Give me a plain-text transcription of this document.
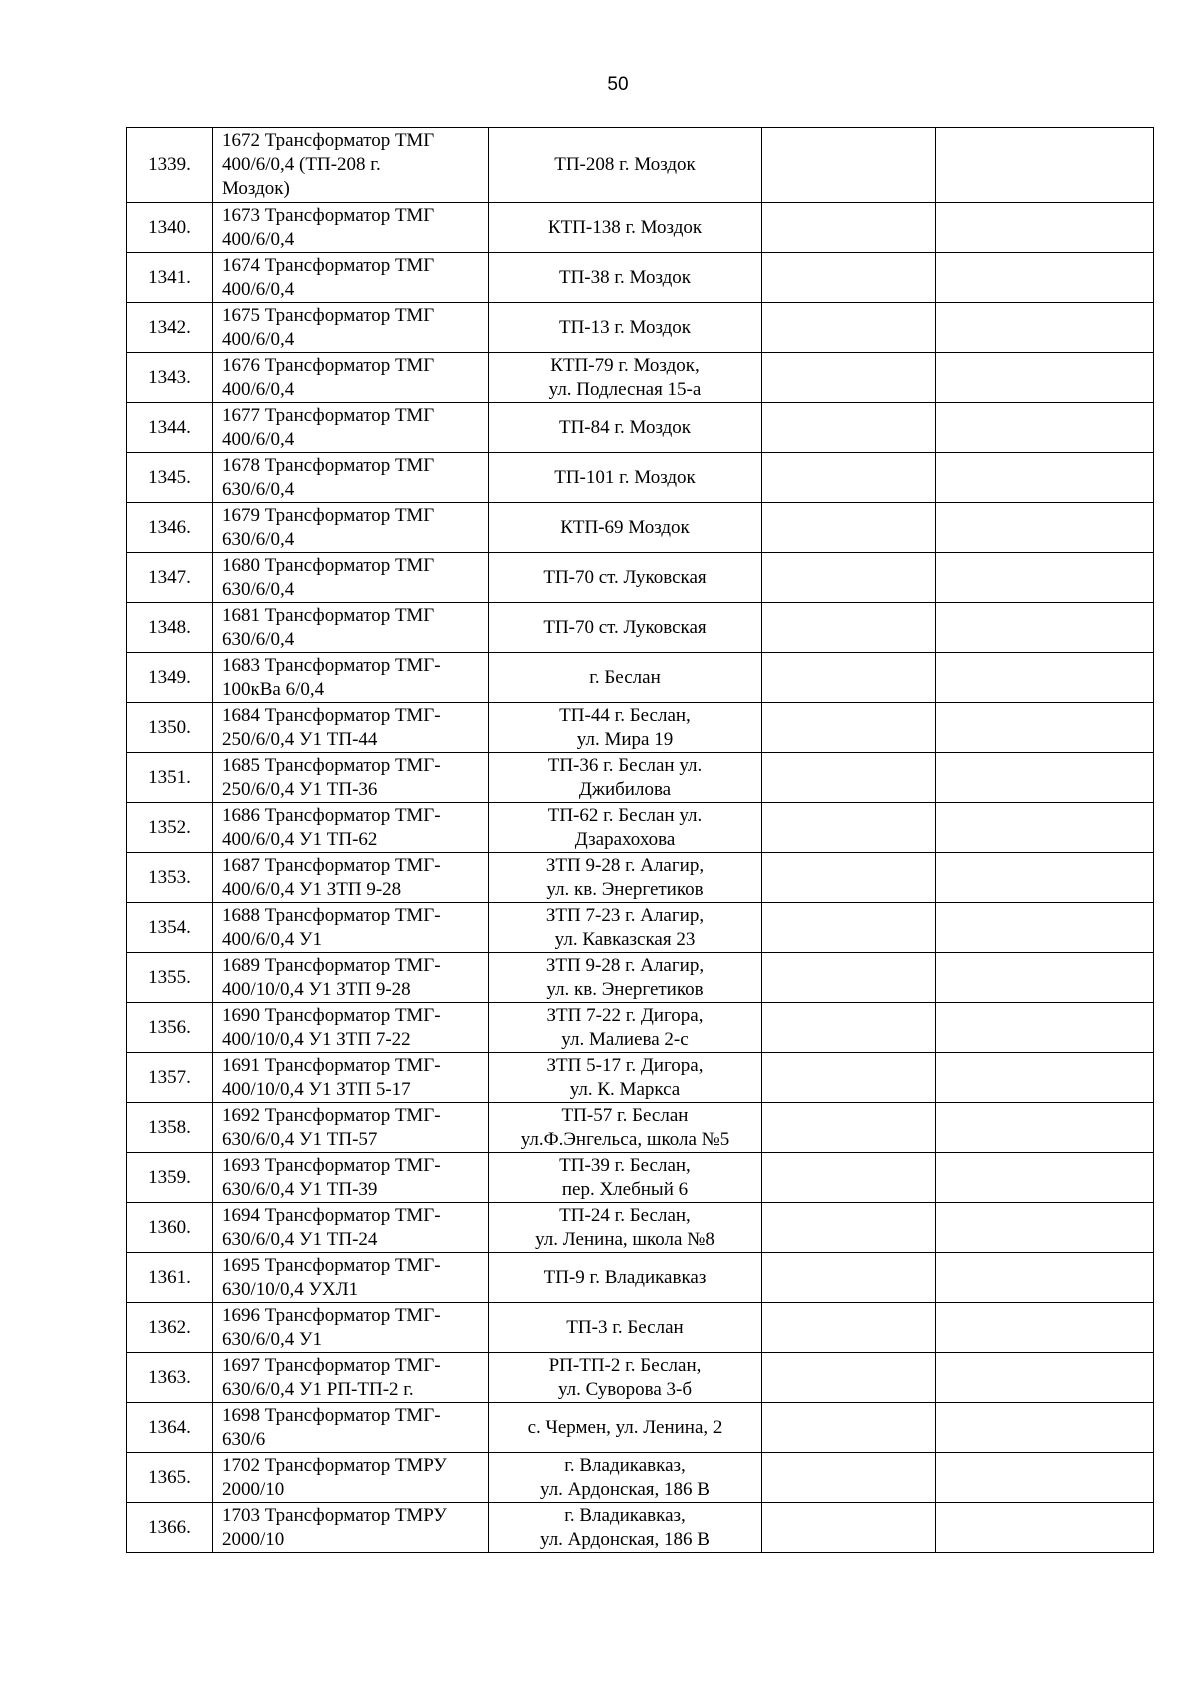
50
1339.	1672 Трансформатор ТМГ
400/6/0,4 (ТП-208 г.
Моздок)	ТП-208 г. Моздок		
1340.	1673 Трансформатор ТМГ
400/6/0,4	КТП-138 г. Моздок		
1341.	1674 Трансформатор ТМГ
400/6/0,4	ТП-38 г. Моздок		
1342.	1675 Трансформатор ТМГ
400/6/0,4	ТП-13 г. Моздок		
1343.	1676 Трансформатор ТМГ
400/6/0,4	КТП-79 г. Моздок,
ул. Подлесная 15-а		
1344.	1677 Трансформатор ТМГ
400/6/0,4	ТП-84 г. Моздок		
1345.	1678 Трансформатор ТМГ
630/6/0,4	ТП-101 г. Моздок		
1346.	1679 Трансформатор ТМГ
630/6/0,4	КТП-69 Моздок		
1347.	1680 Трансформатор ТМГ
630/6/0,4	ТП-70 ст. Луковская		
1348.	1681 Трансформатор ТМГ
630/6/0,4	ТП-70 ст. Луковская		
1349.	1683 Трансформатор ТМГ-
100кВа 6/0,4	г. Беслан		
1350.	1684 Трансформатор ТМГ-
250/6/0,4 У1 ТП-44	ТП-44 г. Беслан,
ул. Мира 19		
1351.	1685 Трансформатор ТМГ-
250/6/0,4 У1 ТП-36	ТП-36 г. Беслан ул.
Джибилова		
1352.	1686 Трансформатор ТМГ-
400/6/0,4 У1 ТП-62	ТП-62 г. Беслан ул.
Дзарахохова		
1353.	1687 Трансформатор ТМГ-
400/6/0,4 У1 ЗТП 9-28	ЗТП 9-28 г. Алагир,
ул. кв. Энергетиков		
1354.	1688 Трансформатор ТМГ-
400/6/0,4 У1	ЗТП 7-23 г. Алагир,
ул. Кавказская 23		
1355.	1689 Трансформатор ТМГ-
400/10/0,4 У1 ЗТП 9-28	ЗТП 9-28 г. Алагир,
ул. кв. Энергетиков		
1356.	1690 Трансформатор ТМГ-
400/10/0,4 У1 ЗТП 7-22	ЗТП 7-22 г. Дигора,
ул. Малиева 2-с		
1357.	1691 Трансформатор ТМГ-
400/10/0,4 У1 ЗТП 5-17	ЗТП 5-17 г. Дигора,
ул. К. Маркса		
1358.	1692 Трансформатор ТМГ-
630/6/0,4 У1 ТП-57	ТП-57 г. Беслан
ул.Ф.Энгельса, школа №5		
1359.	1693 Трансформатор ТМГ-
630/6/0,4 У1 ТП-39	ТП-39 г. Беслан,
пер. Хлебный 6		
1360.	1694 Трансформатор ТМГ-
630/6/0,4 У1 ТП-24	ТП-24 г. Беслан,
ул. Ленина, школа №8		
1361.	1695 Трансформатор ТМГ-
630/10/0,4 УХЛ1	ТП-9 г. Владикавказ		
1362.	1696 Трансформатор ТМГ-
630/6/0,4 У1	ТП-3 г. Беслан		
1363.	1697 Трансформатор ТМГ-
630/6/0,4 У1 РП-ТП-2 г.	РП-ТП-2 г. Беслан,
ул. Суворова 3-б		
1364.	1698 Трансформатор ТМГ-
630/6	с. Чермен, ул. Ленина, 2		
1365.	1702 Трансформатор ТМРУ
2000/10	г. Владикавказ,
ул. Ардонская, 186 В		
1366.	1703 Трансформатор ТМРУ
2000/10	г. Владикавказ,
ул. Ардонская, 186 В		
